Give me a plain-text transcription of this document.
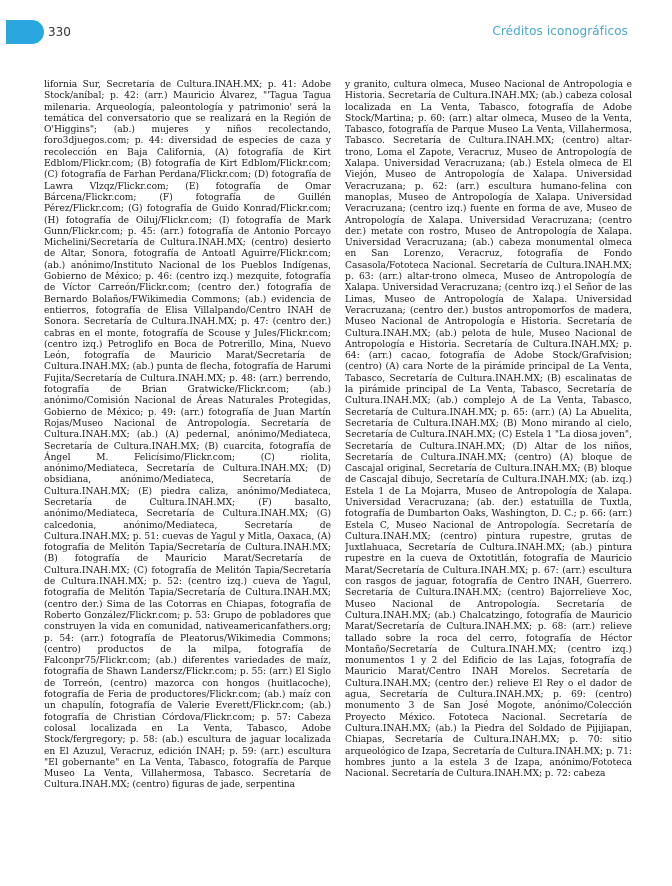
330	Créditos iconográficos

lifornia Sur, Secretaría de Cultura.INAH.MX; p. 41: Adobe Stock/aníbal; p. 42: (arr.) Mauricio Álvarez, "'Tagua Tagua milenaria. Arqueología, paleontología y patrimonio' será la temática del conversatorio que se realizará en la Región de O'Higgins"; (ab.) mujeres y niños recolectando, foro3djuegos.com; p. 44: diversidad de especies de caza y recolección en Baja California, (A) fotografía de Kirt Edblom/Flickr.com; (B) fotografía de Kirt Edblom/Flickr.com; (C) fotografía de Farhan Perdana/Flickr.com; (D) fotografía de Lawra Vlzqz/Flickr.com; (E) fotografía de Omar Bárcena/Flickr.com; (F) fotografía de Guillén Pérez/Flickr.com; (G) fotografía de Guido Konrad/Flickr.com; (H) fotografía de Oiluj/Flickr.com; (I) fotografía de Mark Gunn/Flickr.com; p. 45: (arr.) fotografía de Antonio Porcayo Michelini/Secretaría de Cultura.INAH.MX; (centro) desierto de Altar, Sonora, fotografía de Antoatl Aguirre/Flickr.com; (ab.) anónimo/Instituto Nacional de los Pueblos Indígenas, Gobierno de México; p. 46: (centro izq.) mezquite, fotografía de Víctor Carreón/Flickr.com; (centro der.) fotografía de Bernardo Bolaños/FWikimedia Commons; (ab.) evidencia de entierros, fotografía de Elisa Villalpando/Centro INAH de Sonora. Secretaría de Cultura.INAH.MX; p. 47: (centro der.) cabras en el monte, fotografía de Scouse y Jules/Flickr.com; (centro izq.) Petroglifo en Boca de Potrerillo, Mina, Nuevo León, fotografía de Mauricio Marat/Secretaría de Cultura.INAH.MX; (ab.) punta de flecha, fotografía de Harumi Fujita/Secretaría de Cultura.INAH.MX; p. 48: (arr.) berrendo, fotografía de Brian Gratwicke/Flickr.com; (ab.) anónimo/Comisión Nacional de Áreas Naturales Protegidas, Gobierno de México; p. 49: (arr.) fotografía de Juan Martín Rojas/Museo Nacional de Antropología. Secretaría de Cultura.INAH.MX; (ab.) (A) pedernal, anónimo/Mediateca, Secretaría de Cultura.INAH.MX; (B) cuarcita, fotografía de Ángel M. Felicísimo/Flickr.com; (C) riolita, anónimo/Mediateca, Secretaría de Cultura.INAH.MX; (D) obsidiana, anónimo/Mediateca, Secretaría de Cultura.INAH.MX; (E) piedra caliza, anónimo/Mediateca, Secretaría de Cultura.INAH.MX; (F) basalto, anónimo/Mediateca, Secretaría de Cultura.INAH.MX; (G) calcedonia, anónimo/Mediateca, Secretaría de Cultura.INAH.MX; p. 51: cuevas de Yagul y Mitla, Oaxaca, (A) fotografía de Melitón Tapia/Secretaría de Cultura.INAH.MX; (B) fotografía de Mauricio Marat/Secretaría de Cultura.INAH.MX; (C) fotografía de Melitón Tapia/Secretaría de Cultura.INAH.MX; p. 52: (centro izq.) cueva de Yagul, fotografía de Melitón Tapia/Secretaría de Cultura.INAH.MX; (centro der.) Sima de las Cotorras en Chiapas, fotografía de Roberto González/Flickr.com; p. 53: Grupo de pobladores que construyen la vida en comunidad, nativeamericanfathers.org; p. 54: (arr.) fotografía de Pleatorus/Wikimedia Commons; (centro) productos de la milpa, fotografía de Falconpr75/Flickr.com; (ab.) diferentes variedades de maíz, fotografía de Shawn Landersz/Flickr.com; p. 55: (arr.) El Siglo de Torreón, (centro) mazorca con hongos (huitlacoche), fotografía de Feria de productores/Flickr.com; (ab.) maíz con un chapulín, fotografía de Valerie Everett/Flickr.com; (ab.) fotografía de Christian Córdova/Flickr.com; p. 57: Cabeza colosal localizada en La Venta, Tabasco, Adobe Stock/fergregory; p. 58: (ab.) escultura de jaguar localizada en El Azuzul, Veracruz, edición INAH; p. 59: (arr.) escultura "El gobernante" en La Venta, Tabasco, fotografía de Parque Museo La Venta, Villahermosa, Tabasco. Secretaría de Cultura.INAH.MX; (centro) figuras de jade, serpentina

y granito, cultura olmeca, Museo Nacional de Antropología e Historia. Secretaría de Cultura.INAH.MX; (ab.) cabeza colosal localizada en La Venta, Tabasco, fotografía de Adobe Stock/Martina; p. 60: (arr.) altar olmeca, Museo de la Venta, Tabasco, fotografía de Parque Museo La Venta, Villahermosa, Tabasco. Secretaría de Cultura.INAH.MX; (centro) altar-trono, Loma el Zapote, Veracruz, Museo de Antropología de Xalapa. Universidad Veracruzana; (ab.) Estela olmeca de El Viejón, Museo de Antropología de Xalapa. Universidad Veracruzana; p. 62: (arr.) escultura humano-felina con manoplas, Museo de Antropología de Xalapa. Universidad Veracruzana; (centro izq.) fuente en forma de ave, Museo de Antropología de Xalapa. Universidad Veracruzana; (centro der.) metate con rostro, Museo de Antropología de Xalapa. Universidad Veracruzana; (ab.) cabeza monumental olmeca en San Lorenzo, Veracruz, fotografía de Fondo Casasola/Fototeca Nacional. Secretaría de Cultura.INAH.MX; p. 63: (arr.) altar-trono olmeca, Museo de Antropología de Xalapa. Universidad Veracruzana; (centro izq.) el Señor de las Limas, Museo de Antropología de Xalapa. Universidad Veracruzana; (centro der.) bustos antropomorfos de madera, Museo Nacional de Antropología e Historia. Secretaría de Cultura.INAH.MX; (ab.) pelota de hule, Museo Nacional de Antropología e Historia. Secretaría de Cultura.INAH.MX; p. 64: (arr.) cacao, fotografía de Adobe Stock/Grafvision; (centro) (A) cara Norte de la pirámide principal de La Venta, Tabasco, Secretaría de Cultura.INAH.MX; (B) escalinatas de la pirámide principal de La Venta, Tabasco, Secretaría de Cultura.INAH.MX; (ab.) complejo A de La Venta, Tabasco, Secretaría de Cultura.INAH.MX; p. 65: (arr.) (A) La Abuelita, Secretaría de Cultura.INAH.MX; (B) Mono mirando al cielo, Secretaría de Cultura.INAH.MX; (C) Estela 1 "La diosa joven", Secretaría de Cultura.INAH.MX; (D) Altar de los niños, Secretaría de Cultura.INAH.MX; (centro) (A) bloque de Cascajal original, Secretaría de Cultura.INAH.MX; (B) bloque de Cascajal dibujo, Secretaría de Cultura.INAH.MX; (ab. izq.) Estela 1 de La Mojarra, Museo de Antropología de Xalapa. Universidad Veracruzana; (ab. der.) estatuilla de Tuxtla, fotografía de Dumbarton Oaks, Washington, D. C.; p. 66: (arr.) Estela C, Museo Nacional de Antropología. Secretaría de Cultura.INAH.MX; (centro) pintura rupestre, grutas de Juxtlahuaca, Secretaría de Cultura.INAH.MX; (ab.) pintura rupestre en la cueva de Oxtotitlán, fotografía de Mauricio Marat/Secretaría de Cultura.INAH.MX; p. 67: (arr.) escultura con rasgos de jaguar, fotografía de Centro INAH, Guerrero. Secretaría de Cultura.INAH.MX; (centro) Bajorrelieve Xoc, Museo Nacional de Antropología. Secretaría de Cultura.INAH.MX; (ab.) Chalcatzingo, fotografía de Mauricio Marat/Secretaría de Cultura.INAH.MX; p. 68: (arr.) relieve tallado sobre la roca del cerro, fotografía de Héctor Montaño/Secretaría de Cultura.INAH.MX; (centro izq.) monumentos 1 y 2 del Edificio de las Lajas, fotografía de Mauricio Marat/Centro INAH Morelos. Secretaría de Cultura.INAH.MX; (centro der.) relieve El Rey o el dador de agua, Secretaría de Cultura.INAH.MX; p. 69: (centro) monumento 3 de San José Mogote, anónimo/Colección Proyecto México. Fototeca Nacional. Secretaría de Cultura.INAH.MX; (ab.) la Piedra del Soldado de Pijijiapan, Chiapas, Secretaría de Cultura.INAH.MX; p. 70: sitio arqueológico de Izapa, Secretaría de Cultura.INAH.MX; p. 71: hombres junto a la estela 3 de Izapa, anónimo/Fototeca Nacional. Secretaría de Cultura.INAH.MX; p. 72: cabeza
